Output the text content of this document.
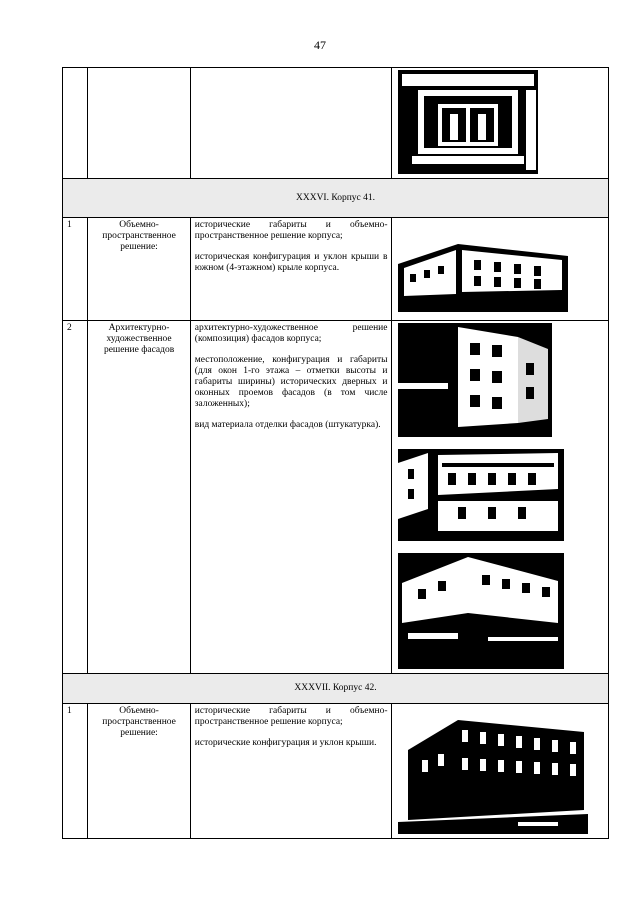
47

XXXVI. Корпус 41.			
1	Объемно-пространственное решение:	исторические габариты и объемно-пространственное решение корпуса;

историческая конфигурация и уклон крыши в южном (4-этажном) крыле корпуса.

2	Архитектурно-художественное решение фасадов	архитектурно-художественное решение (композиция) фасадов корпуса;

местоположение, конфигурация и габариты (для окон 1-го этажа – отметки высоты и габариты ширины) исторических дверных и оконных проемов фасадов (в том числе заложенных);

вид материала отделки фасадов (штукатурка).

XXXVII. Корпус 42.			
1	Объемно-пространственное решение:	исторические габариты и объемно-пространственное решение корпуса;

исторические конфигурация и уклон крыши.
